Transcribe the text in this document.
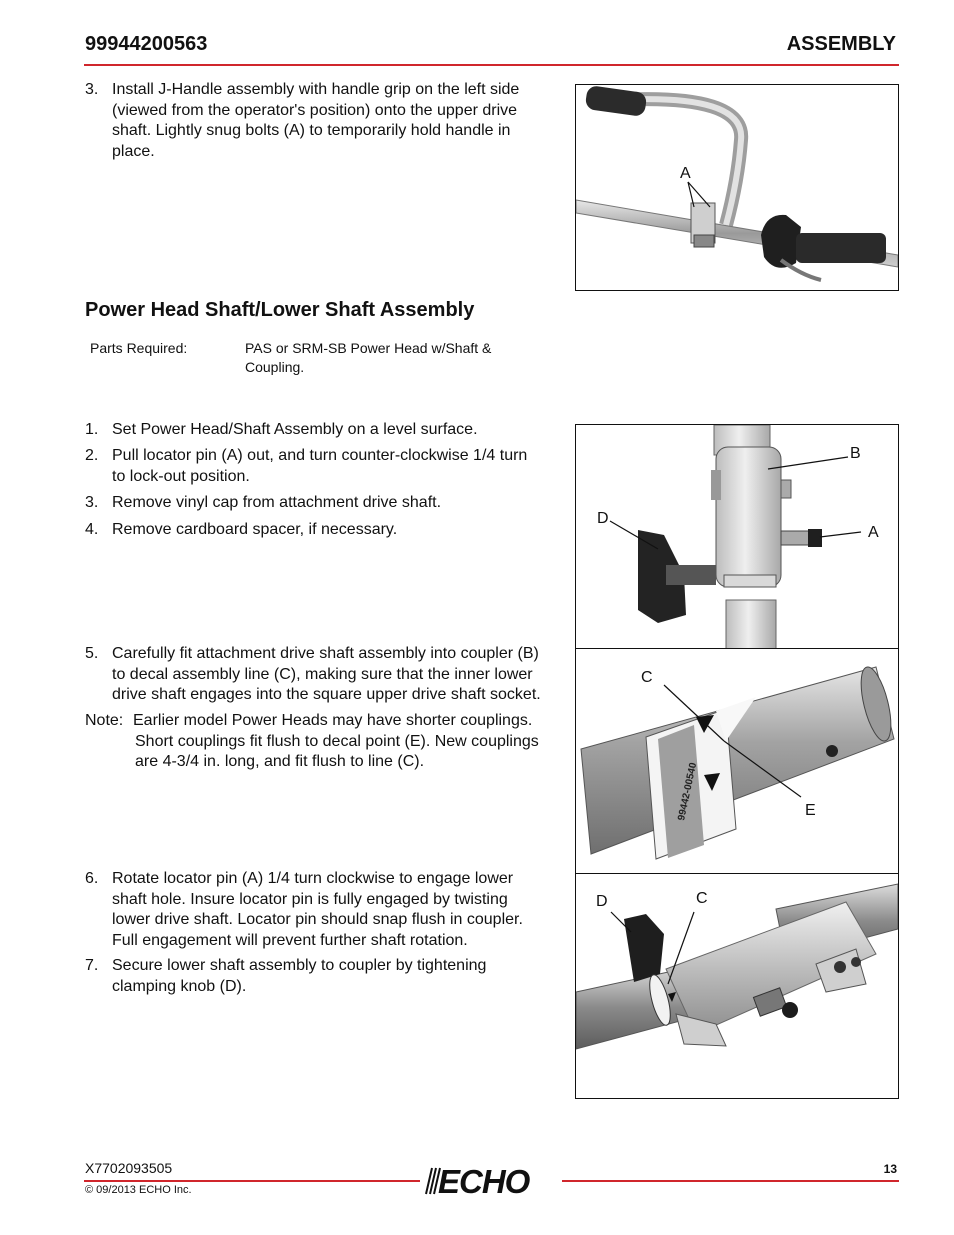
99944200563	ASSEMBLY
3. Install J-Handle assembly with handle grip on the left side
(viewed from the operator's position) onto the upper drive
shaft. Lightly snug bolts (A) to temporarily hold handle in
place.
A
Power Head Shaft/Lower Shaft Assembly
Parts Required:	PAS or SRM-SB Power Head w/Shaft &
Coupling.
1. Set Power Head/Shaft Assembly on a level surface.
2. Pull locator pin (A) out, and turn counter-clockwise 1/4 turn
to lock-out position.
3. Remove vinyl cap from attachment drive shaft.
4. Remove cardboard spacer, if necessary.
B
D
A
5. Carefully fit attachment drive shaft assembly into coupler (B)
to decal assembly line (C), making sure that the inner lower
drive shaft engages into the square upper drive shaft socket.
Note: Earlier model Power Heads may have shorter couplings.
Short couplings fit flush to decal point (E). New couplings
are 4-3/4 in. long, and fit flush to line (C).
99442-00540
C
E
6. Rotate locator pin (A) 1/4 turn clockwise to engage lower
shaft hole. Insure locator pin is fully engaged by twisting
lower drive shaft. Locator pin should snap flush in coupler.
Full engagement will prevent further shaft rotation.
7. Secure lower shaft assembly to coupler by tightening
clamping knob (D).
D	C
X7702093505
© 09/2013 ECHO Inc.
13
ECHO
